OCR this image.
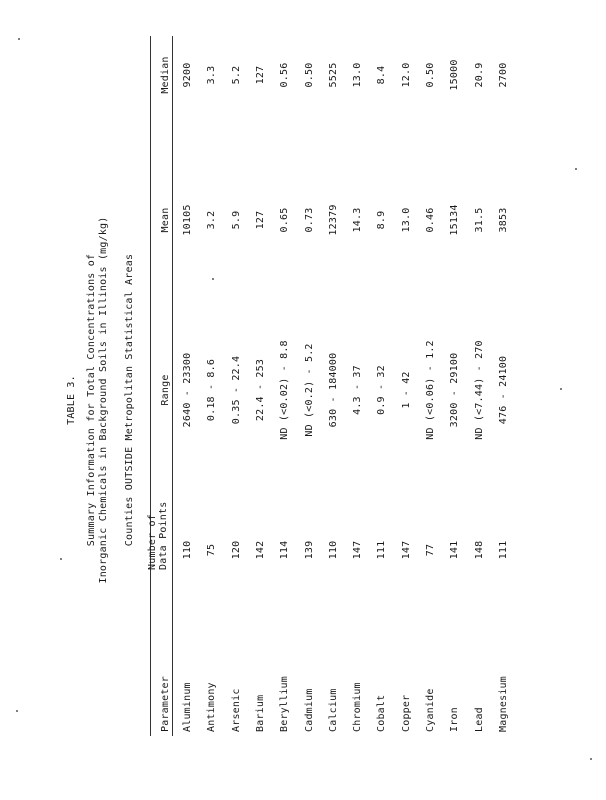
TABLE 3. Summary Information for Total Concentrations of Inorganic Chemicals in Background Soils in Illinois (mg/kg) Counties OUTSIDE Metropolitan Statistical Areas
Parameter
Number of Data Points
Range
Mean
Median
Aluminum
110
2640 - 23300
10105
9200
Antimony
75
0.18 - 8.6
3.2
3.3
Arsenic
120
0.35 - 22.4
5.9
5.2
Barium
142
22.4 - 253
127
127
Beryllium
114
ND (<0.02) - 8.8
0.65
0.56
Cadmium
139
ND (<0.2) - 5.2
0.73
0.50
Calcium
110
630 - 184000
12379
5525
Chromium
147
4.3 - 37
14.3
13.0
Cobalt
111
0.9 - 32
8.9
8.4
Copper
147
1 - 42
13.0
12.0
Cyanide
77
ND (<0.06) - 1.2
0.46
0.50
Iron
141
3200 - 29100
15134
15000
Lead
148
ND (<7.44) - 270
31.5
20.9
Magnesium
111
476 - 24100
3853
2700
